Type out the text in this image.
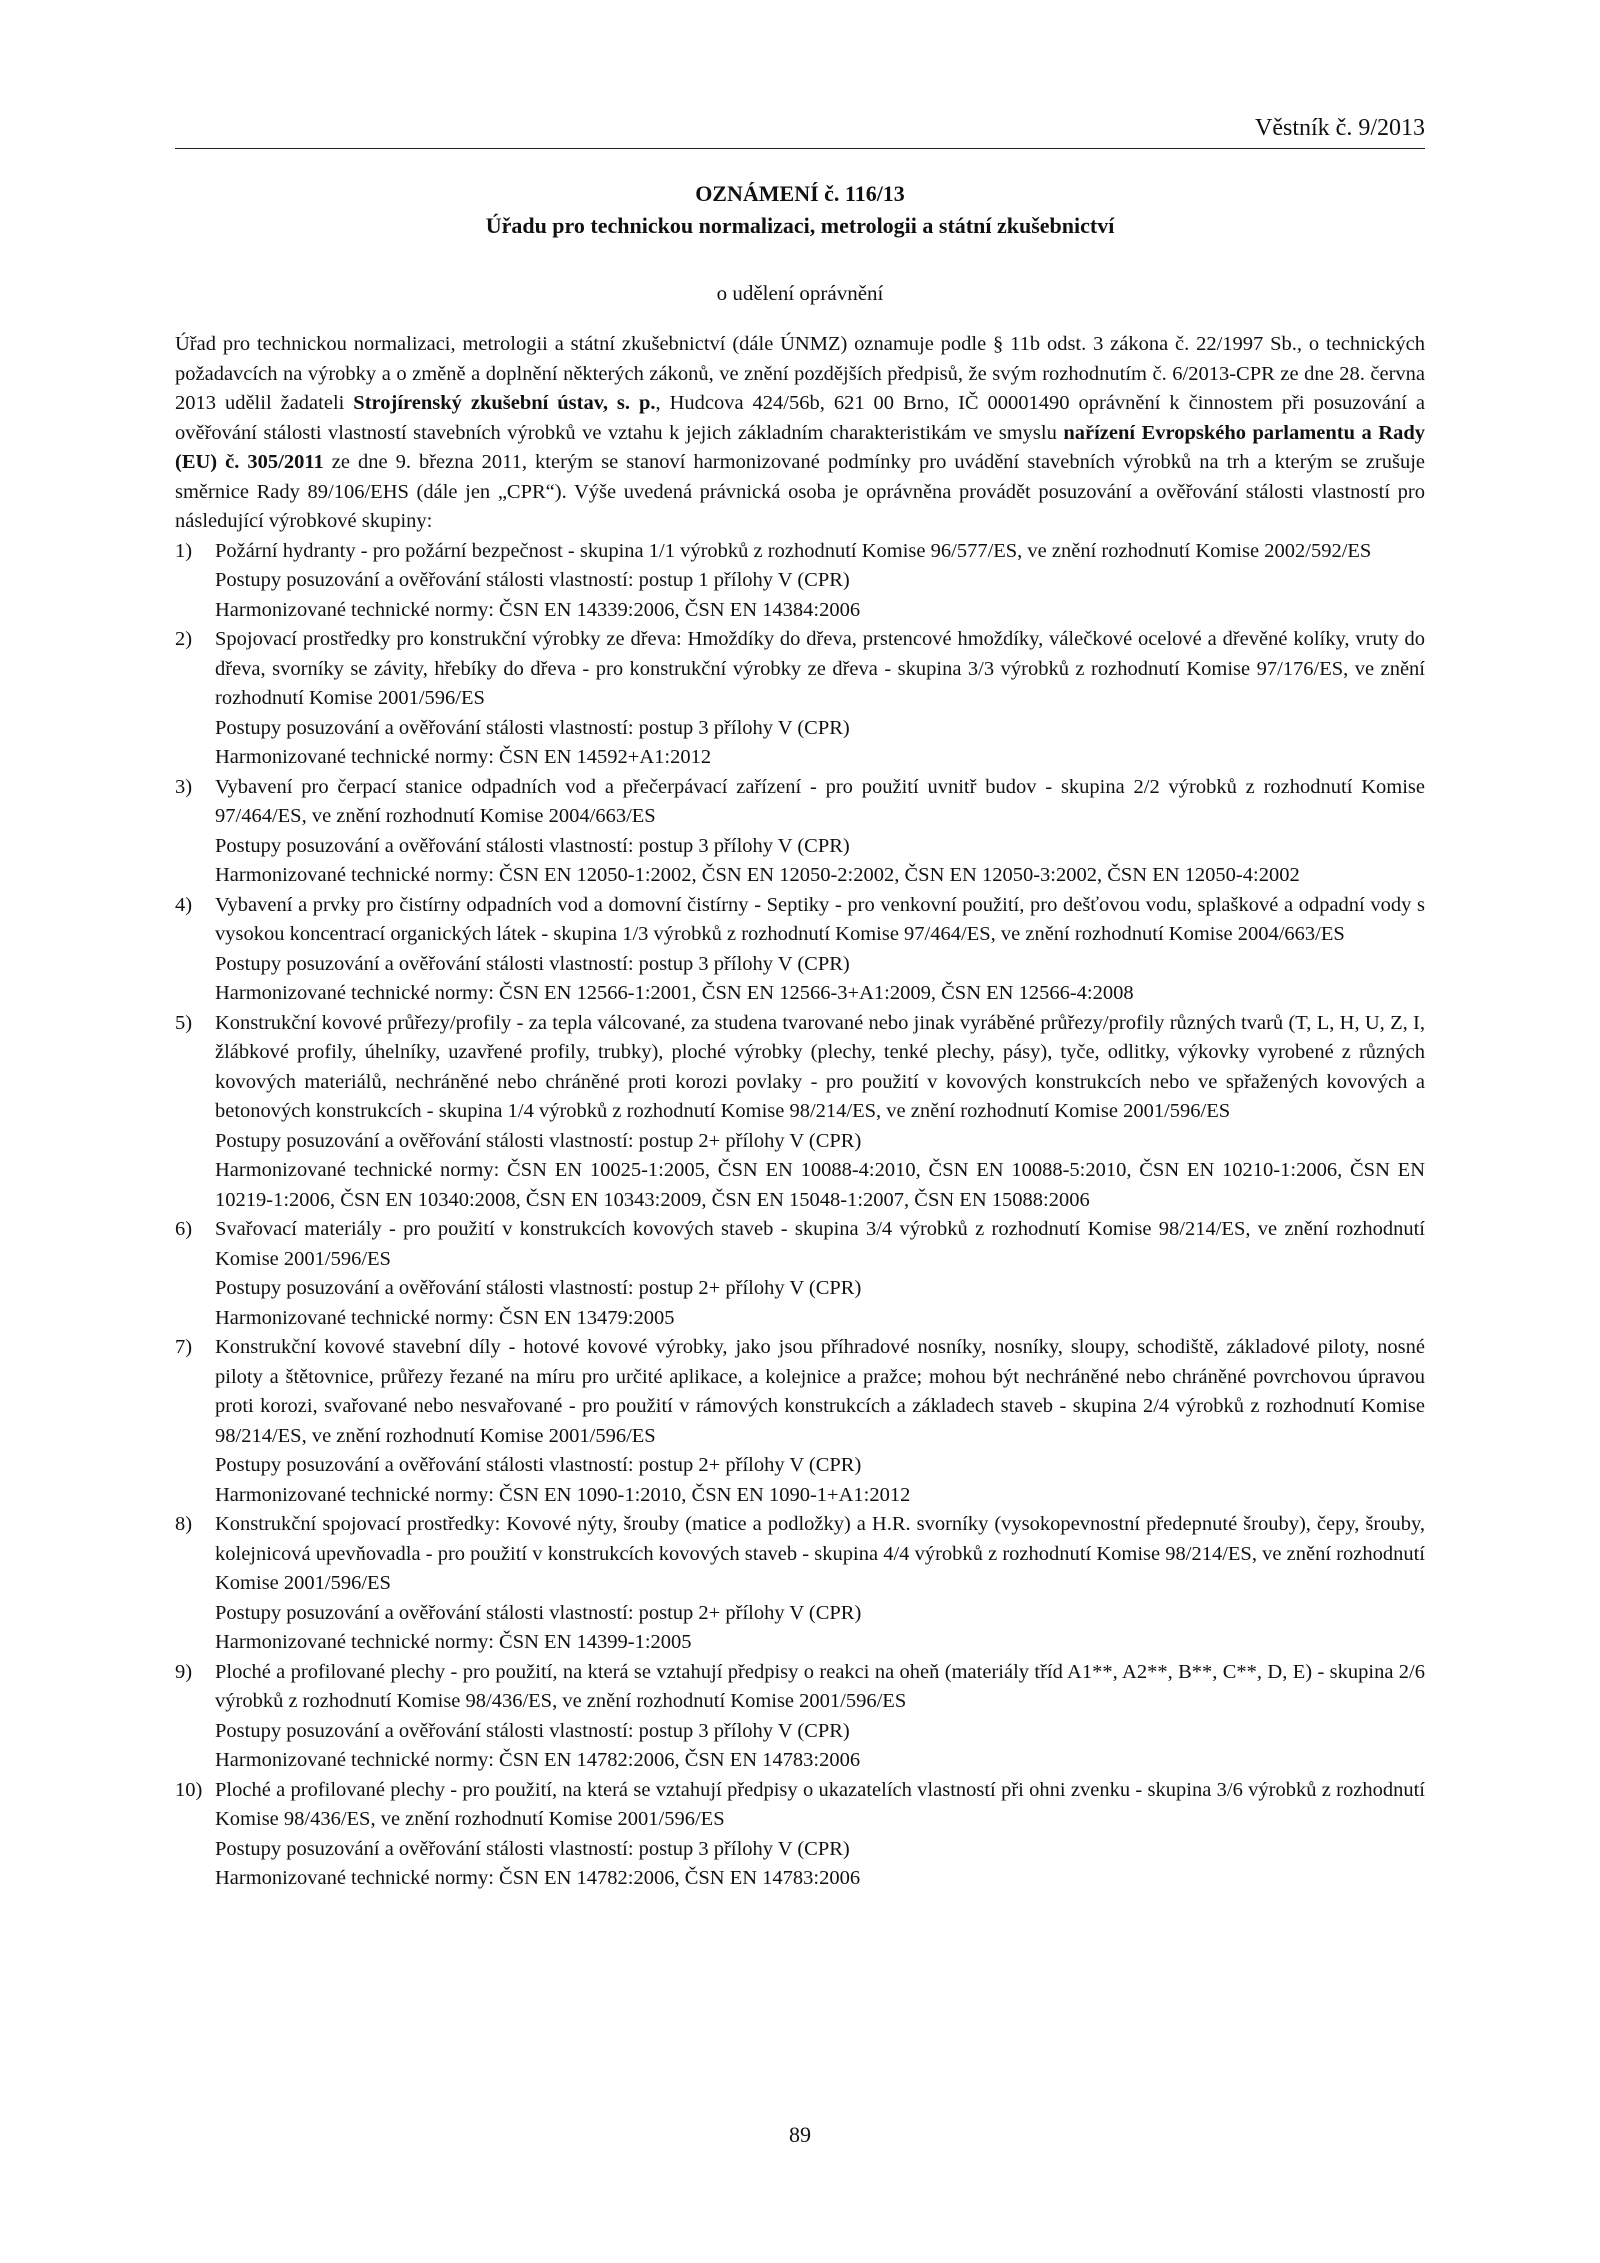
Věstník č. 9/2013
OZNÁMENÍ č. 116/13
Úřadu pro technickou normalizaci, metrologii a státní zkušebnictví
o udělení oprávnění

Úřad pro technickou normalizaci, metrologii a státní zkušebnictví (dále ÚNMZ) oznamuje podle § 11b odst. 3 zákona č. 22/1997 Sb., o technických požadavcích na výrobky a o změně a doplnění některých zákonů, ve znění pozdějších předpisů, že svým rozhodnutím č. 6/2013-CPR ze dne 28. června 2013 udělil žadateli Strojírenský zkušební ústav, s. p., Hudcova 424/56b, 621 00 Brno, IČ 00001490 oprávnění k činnostem při posuzování a ověřování stálosti vlastností stavebních výrobků ve vztahu k jejich základním charakteristikám ve smyslu nařízení Evropského parlamentu a Rady (EU) č. 305/2011 ze dne 9. března 2011, kterým se stanoví harmonizované podmínky pro uvádění stavebních výrobků na trh a kterým se zrušuje směrnice Rady 89/106/EHS (dále jen „CPR“). Výše uvedená právnická osoba je oprávněna provádět posuzování a ověřování stálosti vlastností pro následující výrobkové skupiny:

1)	Požární hydranty - pro požární bezpečnost - skupina 1/1 výrobků z rozhodnutí Komise 96/577/ES, ve znění rozhodnutí Komise 2002/592/ES
Postupy posuzování a ověřování stálosti vlastností: postup 1 přílohy V (CPR)
Harmonizované technické normy: ČSN EN 14339:2006, ČSN EN 14384:2006
2)	Spojovací prostředky pro konstrukční výrobky ze dřeva: Hmoždíky do dřeva, prstencové hmoždíky, válečkové ocelové a dřevěné kolíky, vruty do dřeva, svorníky se závity, hřebíky do dřeva - pro konstrukční výrobky ze dřeva - skupina 3/3 výrobků z rozhodnutí Komise 97/176/ES, ve znění rozhodnutí Komise 2001/596/ES
Postupy posuzování a ověřování stálosti vlastností: postup 3 přílohy V (CPR)
Harmonizované technické normy: ČSN EN 14592+A1:2012
3)	Vybavení pro čerpací stanice odpadních vod a přečerpávací zařízení - pro použití uvnitř budov - skupina 2/2 výrobků z rozhodnutí Komise 97/464/ES, ve znění rozhodnutí Komise 2004/663/ES
Postupy posuzování a ověřování stálosti vlastností: postup 3 přílohy V (CPR)
Harmonizované technické normy: ČSN EN 12050-1:2002, ČSN EN 12050-2:2002, ČSN EN 12050-3:2002, ČSN EN 12050-4:2002
4)	Vybavení a prvky pro čistírny odpadních vod a domovní čistírny - Septiky - pro venkovní použití, pro dešťovou vodu, splaškové a odpadní vody s vysokou koncentrací organických látek - skupina 1/3 výrobků z rozhodnutí Komise 97/464/ES, ve znění rozhodnutí Komise 2004/663/ES
Postupy posuzování a ověřování stálosti vlastností: postup 3 přílohy V (CPR)
Harmonizované technické normy: ČSN EN 12566-1:2001, ČSN EN 12566-3+A1:2009, ČSN EN 12566-4:2008
5)	Konstrukční kovové průřezy/profily - za tepla válcované, za studena tvarované nebo jinak vyráběné průřezy/profily různých tvarů (T, L, H, U, Z, I, žlábkové profily, úhelníky, uzavřené profily, trubky), ploché výrobky (plechy, tenké plechy, pásy), tyče, odlitky, výkovky vyrobené z různých kovových materiálů, nechráněné nebo chráněné proti korozi povlaky - pro použití v kovových konstrukcích nebo ve spřažených kovových a betonových konstrukcích - skupina 1/4 výrobků z rozhodnutí Komise 98/214/ES, ve znění rozhodnutí Komise 2001/596/ES
Postupy posuzování a ověřování stálosti vlastností: postup 2+ přílohy V (CPR)
Harmonizované technické normy: ČSN EN 10025-1:2005, ČSN EN 10088-4:2010, ČSN EN 10088-5:2010, ČSN EN 10210-1:2006, ČSN EN 10219-1:2006, ČSN EN 10340:2008, ČSN EN 10343:2009, ČSN EN 15048-1:2007, ČSN EN 15088:2006
6)	Svařovací materiály - pro použití v konstrukcích kovových staveb - skupina 3/4 výrobků z rozhodnutí Komise 98/214/ES, ve znění rozhodnutí Komise 2001/596/ES
Postupy posuzování a ověřování stálosti vlastností: postup 2+ přílohy V (CPR)
Harmonizované technické normy: ČSN EN 13479:2005
7)	Konstrukční kovové stavební díly - hotové kovové výrobky, jako jsou příhradové nosníky, nosníky, sloupy, schodiště, základové piloty, nosné piloty a štětovnice, průřezy řezané na míru pro určité aplikace, a kolejnice a pražce; mohou být nechráněné nebo chráněné povrchovou úpravou proti korozi, svařované nebo nesvařované - pro použití v rámových konstrukcích a základech staveb - skupina 2/4 výrobků z rozhodnutí Komise 98/214/ES, ve znění rozhodnutí Komise 2001/596/ES
Postupy posuzování a ověřování stálosti vlastností: postup 2+ přílohy V (CPR)
Harmonizované technické normy: ČSN EN 1090-1:2010, ČSN EN 1090-1+A1:2012
8)	Konstrukční spojovací prostředky: Kovové nýty, šrouby (matice a podložky) a H.R. svorníky (vysokopevnostní předepnuté šrouby), čepy, šrouby, kolejnicová upevňovadla - pro použití v konstrukcích kovových staveb - skupina 4/4 výrobků z rozhodnutí Komise 98/214/ES, ve znění rozhodnutí Komise 2001/596/ES
Postupy posuzování a ověřování stálosti vlastností: postup 2+ přílohy V (CPR)
Harmonizované technické normy: ČSN EN 14399-1:2005
9)	Ploché a profilované plechy - pro použití, na která se vztahují předpisy o reakci na oheň (materiály tříd A1**, A2**, B**, C**, D, E) - skupina 2/6 výrobků z rozhodnutí Komise 98/436/ES, ve znění rozhodnutí Komise 2001/596/ES
Postupy posuzování a ověřování stálosti vlastností: postup 3 přílohy V (CPR)
Harmonizované technické normy: ČSN EN 14782:2006, ČSN EN 14783:2006
10) Ploché a profilované plechy - pro použití, na která se vztahují předpisy o ukazatelích vlastností při ohni zvenku - skupina 3/6 výrobků z rozhodnutí Komise 98/436/ES, ve znění rozhodnutí Komise 2001/596/ES
Postupy posuzování a ověřování stálosti vlastností: postup 3 přílohy V (CPR)
Harmonizované technické normy: ČSN EN 14782:2006, ČSN EN 14783:2006
89
